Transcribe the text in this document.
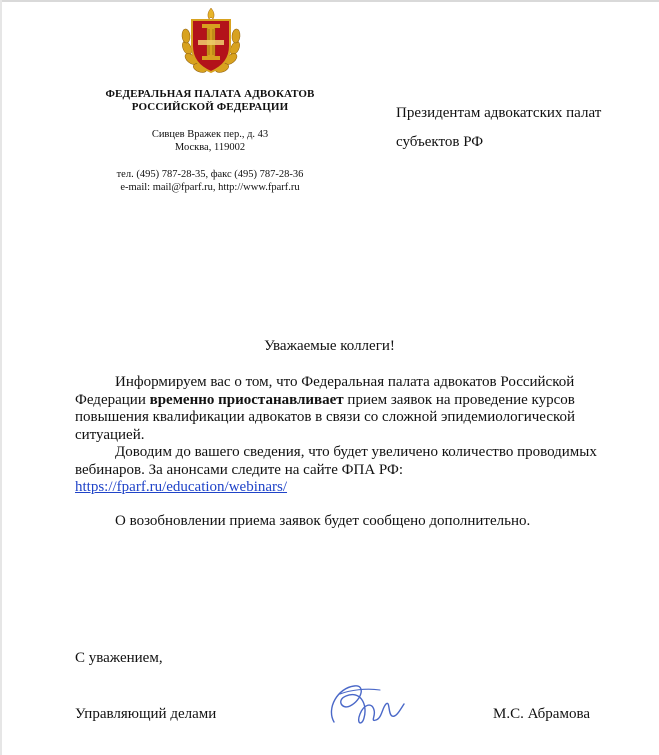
ФЕДЕРАЛЬНАЯ ПАЛАТА АДВОКАТОВ
РОССИЙСКОЙ ФЕДЕРАЦИИ
Сивцев Вражек пер., д. 43
Москва, 119002
тел. (495) 787-28-35, факс (495) 787-28-36
e-mail: mail@fparf.ru, http://www.fparf.ru
Президентам адвокатских палат
субъектов РФ
Уважаемые коллеги!

Информируем вас о том, что Федеральная палата адвокатов Российской Федерации временно приостанавливает прием заявок на проведение курсов повышения квалификации адвокатов в связи со сложной эпидемиологической ситуацией.

Доводим до вашего сведения, что будет увеличено количество проводимых вебинаров. За анонсами следите на сайте ФПА РФ:
https://fparf.ru/education/webinars/

О возобновлении приема заявок будет сообщено дополнительно.

С уважением,
Управляющий делами	М.С. Абрамова
